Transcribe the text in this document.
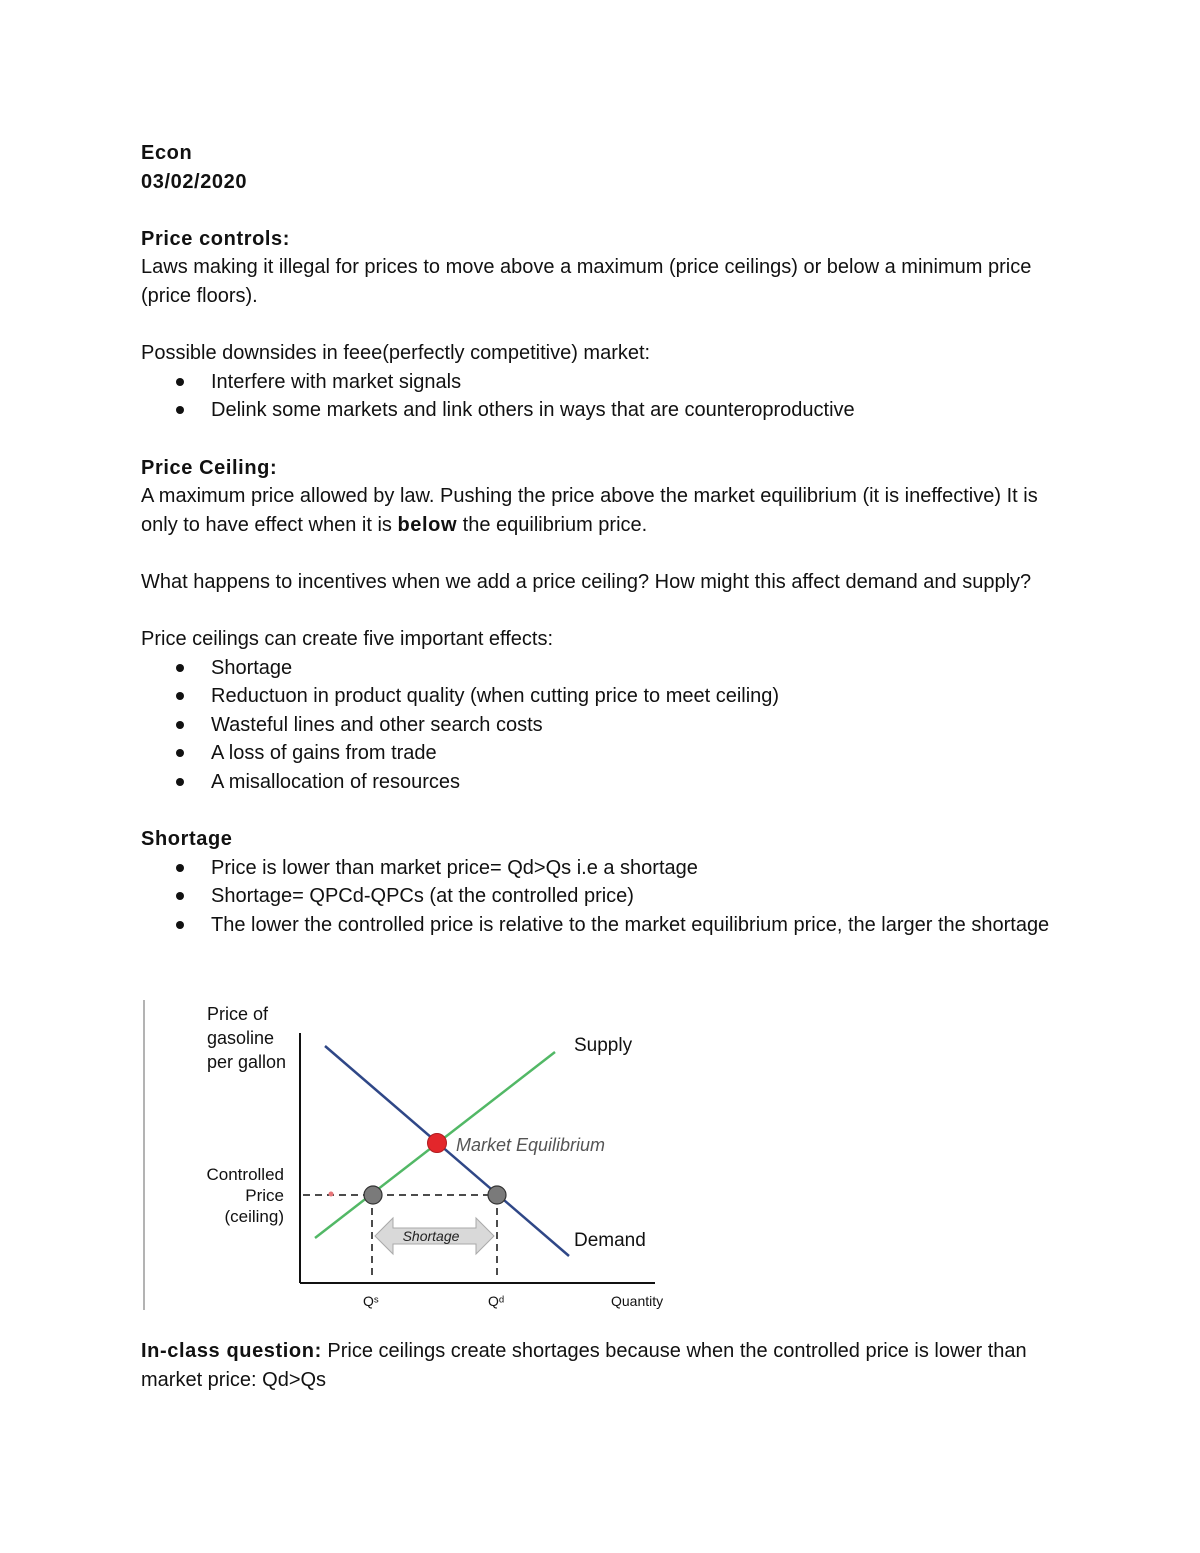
Econ

03/02/2020

Price controls:

Laws making it illegal for prices to move above a maximum (price ceilings) or below a minimum price (price floors).

Possible downsides in feee(perfectly competitive) market:

Interfere with market signals
Delink some markets and link others in ways that are counteroproductive

Price Ceiling:

A maximum price allowed by law. Pushing the price above the market equilibrium (it is ineffective) It is only to have effect when it is below the equilibrium price.

What happens to incentives when we add a price ceiling? How might this affect demand and supply?

Price ceilings can create five important effects:

Shortage
Reductuon in product quality (when cutting price to meet ceiling)
Wasteful lines and other search costs
A loss of gains from trade
A misallocation of resources

Shortage

Price is lower than market price= Qd>Qs i.e a shortage
Shortage= QPCd-QPCs (at the controlled price)
The lower the controlled price is relative to the market equilibrium price, the larger the shortage
Price of
gasoline
per gallon
Controlled
Price
(ceiling)
Shortage
Market Equilibrium
Supply
Demand
Qˢ	Qᵈ	Quantity

In-class question: Price ceilings create shortages because when the controlled price is lower than market price: Qd>Qs
